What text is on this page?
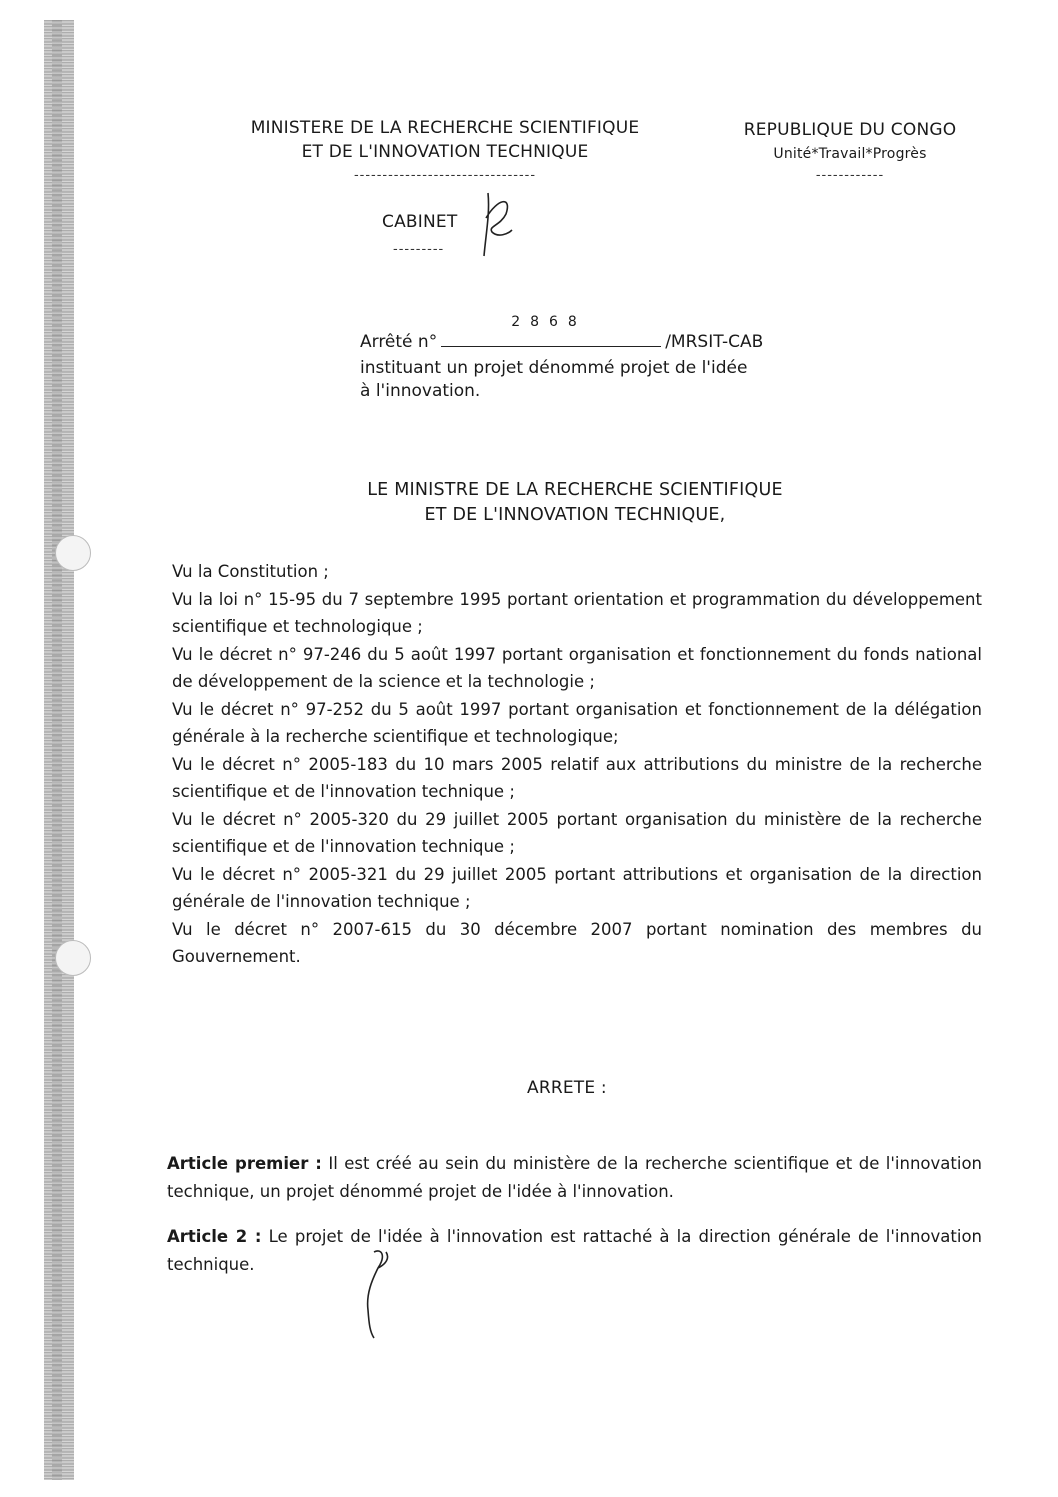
MINISTERE DE LA RECHERCHE SCIENTIFIQUE
ET DE L'INNOVATION TECHNIQUE
--------------------------------
CABINET
---------
REPUBLIQUE DU CONGO
Unité*Travail*Progrès
------------
Arrêté n°
2868
/MRSIT-CAB
instituant un projet dénommé projet de l'idée
à l'innovation.
LE MINISTRE DE LA RECHERCHE SCIENTIFIQUE
ET DE L'INNOVATION TECHNIQUE,
Vu la Constitution ;
Vu la loi n° 15-95 du 7 septembre 1995 portant orientation et programmation du développement scientifique et technologique ;
Vu le décret n° 97-246 du 5 août 1997 portant organisation et fonctionnement du fonds national de développement de la science et la technologie ;
Vu le décret n° 97-252 du 5 août 1997 portant organisation et fonctionnement de la délégation générale à la recherche scientifique et technologique;
Vu le décret n° 2005-183 du 10 mars 2005 relatif aux attributions du ministre de la recherche scientifique et de l'innovation technique ;
Vu le décret n° 2005-320 du 29 juillet 2005 portant organisation du ministère de la recherche scientifique et de l'innovation technique ;
Vu le décret n° 2005-321 du 29 juillet 2005 portant attributions et organisation de la direction générale de l'innovation technique ;
Vu le décret n° 2007-615 du 30 décembre 2007 portant nomination des membres du Gouvernement.
ARRETE :
Article premier : Il est créé au sein du ministère de la recherche scientifique et de l'innovation technique, un projet dénommé projet de l'idée à l'innovation.
Article 2 : Le projet de l'idée à l'innovation est rattaché à la direction générale de l'innovation technique.
